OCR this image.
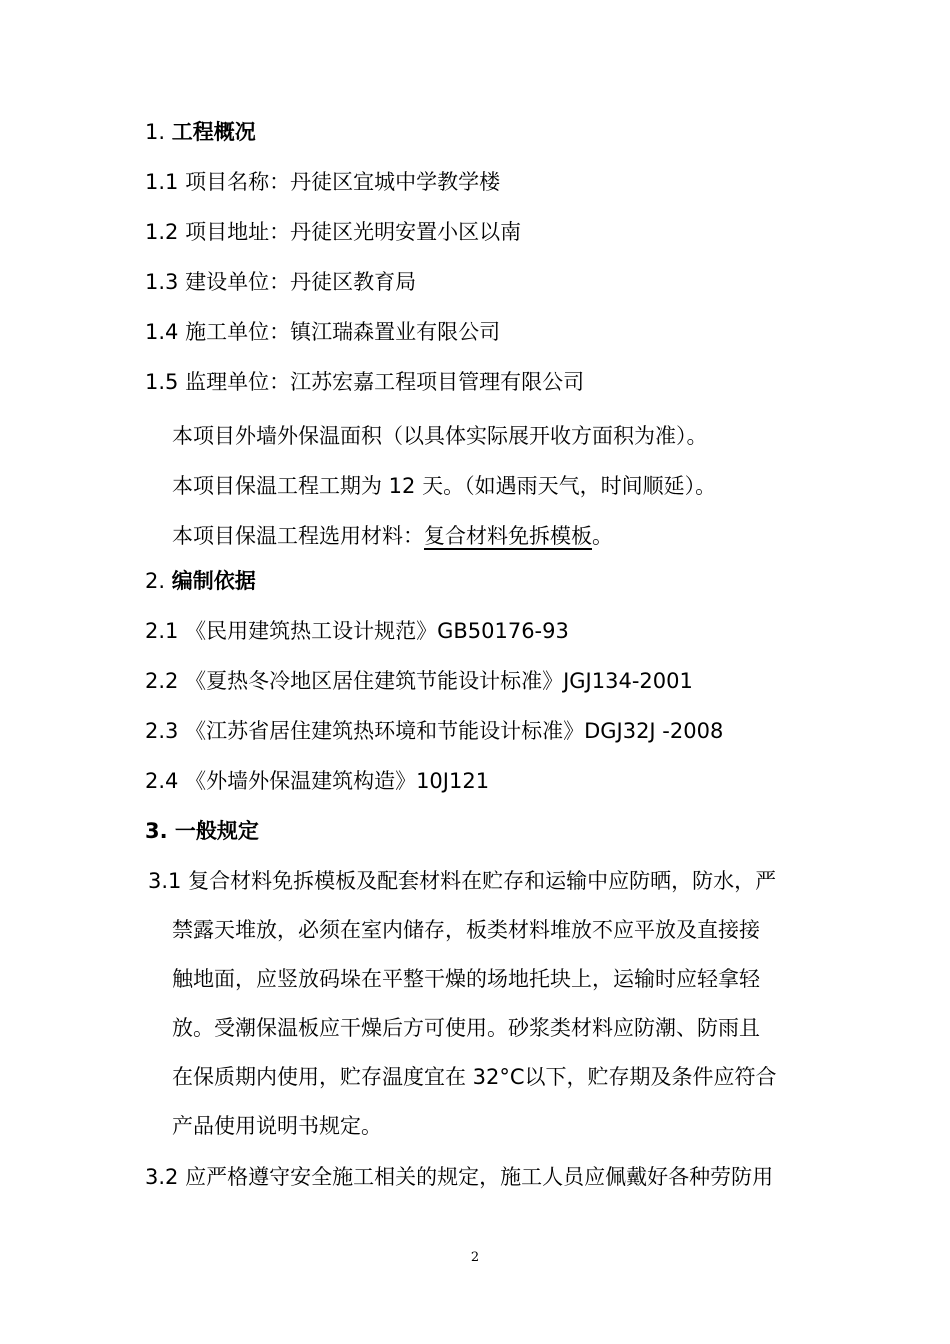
1. 工程概况
1.1 项目名称：丹徒区宜城中学教学楼
1.2 项目地址：丹徒区光明安置小区以南
1.3 建设单位：丹徒区教育局
1.4 施工单位：镇江瑞森置业有限公司
1.5 监理单位：江苏宏嘉工程项目管理有限公司
本项目外墙外保温面积（以具体实际展开收方面积为准）。
本项目保温工程工期为 12 天。（如遇雨天气，时间顺延）。
本项目保温工程选用材料：复合材料免拆模板。
2. 编制依据
2.1 《民用建筑热工设计规范》GB50176-93
2.2 《夏热冬冷地区居住建筑节能设计标准》JGJ134-2001
2.3 《江苏省居住建筑热环境和节能设计标准》DGJ32J -2008
2.4 《外墙外保温建筑构造》10J121
3. 一般规定
3.1 复合材料免拆模板及配套材料在贮存和运输中应防晒，防水，严
禁露天堆放，必须在室内储存，板类材料堆放不应平放及直接接
触地面，应竖放码垛在平整干燥的场地托块上，运输时应轻拿轻
放。受潮保温板应干燥后方可使用。砂浆类材料应防潮、防雨且
在保质期内使用，贮存温度宜在 32°C以下，贮存期及条件应符合
产品使用说明书规定。
3.2 应严格遵守安全施工相关的规定，施工人员应佩戴好各种劳防用
2
